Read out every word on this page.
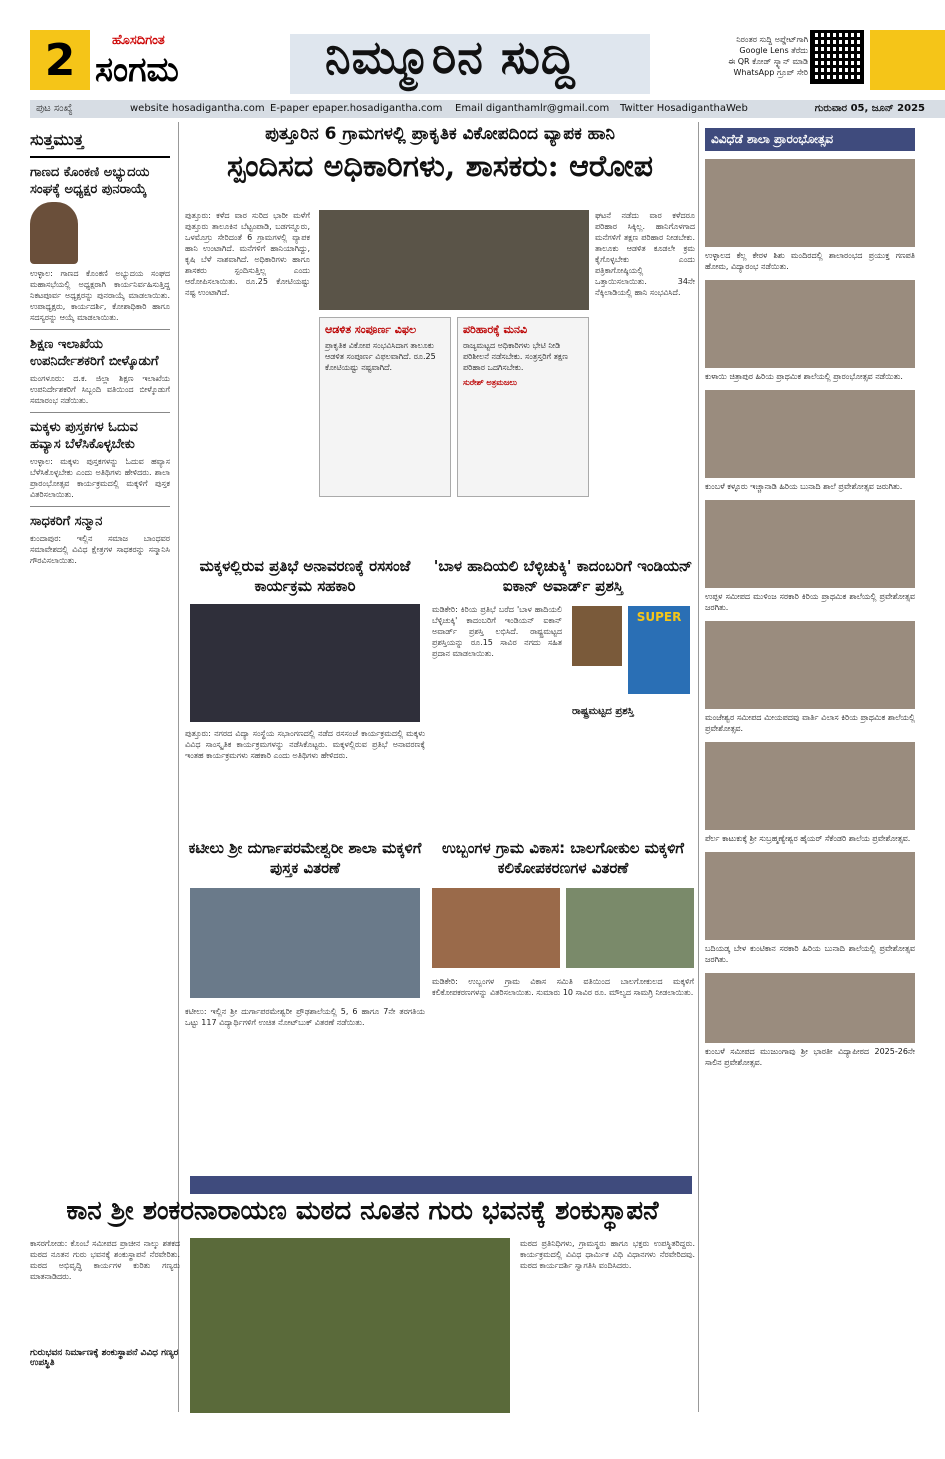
2	ಹೊಸದಿಗಂತ
ಸಂಗಮ	ನಿಮ್ಮೂರಿನ ಸುದ್ದಿ	ನಿರಂತರ ಸುದ್ದಿ ಅಪ್ಡೇಟ್‌ಗಾಗಿ
Google Lens ತೆರೆದು
ಈ QR ಕೋಡ್ ಸ್ಕ್ಯಾನ್ ಮಾಡಿ
WhatsApp ಗ್ರೂಪ್ ಸೇರಿ
ಪುಟ ಸಂಖ್ಯೆ	website hosadigantha.com E-paper epaper.hosadigantha.com Email diganthamlr@gmail.com Twitter HosadiganthaWeb	ಗುರುವಾರ 05, ಜೂನ್ 2025
ಸುತ್ತಮುತ್ತ
ಗಾಣದ ಕೊಂಕಣಿ ಅಭ್ಯುದಯ ಸಂಘಕ್ಕೆ ಅಧ್ಯಕ್ಷರ ಪುನರಾಯ್ಕೆ
ಉಳ್ಳಾಲ: ಗಾಣದ ಕೊಂಕಣಿ ಅಭ್ಯುದಯ ಸಂಘದ ಮಹಾಸಭೆಯಲ್ಲಿ ಅಧ್ಯಕ್ಷರಾಗಿ ಕಾರ್ಯನಿರ್ವಹಿಸುತ್ತಿದ್ದ ನಿಕಟಪೂರ್ವ ಅಧ್ಯಕ್ಷರನ್ನು ಪುನರಾಯ್ಕೆ ಮಾಡಲಾಯಿತು. ಉಪಾಧ್ಯಕ್ಷರು, ಕಾರ್ಯದರ್ಶಿ, ಕೋಶಾಧಿಕಾರಿ ಹಾಗೂ ಸದಸ್ಯರನ್ನು ಆಯ್ಕೆ ಮಾಡಲಾಯಿತು.
ಶಿಕ್ಷಣ ಇಲಾಖೆಯ ಉಪನಿರ್ದೇಶಕರಿಗೆ ಬೀಳ್ಕೊಡುಗೆ
ಮಂಗಳೂರು: ದ.ಕ. ಜಿಲ್ಲಾ ಶಿಕ್ಷಣ ಇಲಾಖೆಯ ಉಪನಿರ್ದೇಶಕರಿಗೆ ಸಿಬ್ಬಂದಿ ವತಿಯಿಂದ ಬೀಳ್ಕೊಡುಗೆ ಸಮಾರಂಭ ನಡೆಯಿತು.
ಮಕ್ಕಳು ಪುಸ್ತಕಗಳ ಓದುವ ಹವ್ಯಾಸ ಬೆಳೆಸಿಕೊಳ್ಳಬೇಕು
ಉಳ್ಳಾಲ: ಮಕ್ಕಳು ಪುಸ್ತಕಗಳನ್ನು ಓದುವ ಹವ್ಯಾಸ ಬೆಳೆಸಿಕೊಳ್ಳಬೇಕು ಎಂದು ಅತಿಥಿಗಳು ಹೇಳಿದರು. ಶಾಲಾ ಪ್ರಾರಂಭೋತ್ಸವ ಕಾರ್ಯಕ್ರಮದಲ್ಲಿ ಮಕ್ಕಳಿಗೆ ಪುಸ್ತಕ ವಿತರಿಸಲಾಯಿತು.
ಸಾಧಕರಿಗೆ ಸನ್ಮಾನ
ಕುಂದಾಪುರ: ಇಲ್ಲಿನ ಸಮಾಜ ಬಾಂಧವರ ಸಮಾವೇಶದಲ್ಲಿ ವಿವಿಧ ಕ್ಷೇತ್ರಗಳ ಸಾಧಕರನ್ನು ಸನ್ಮಾನಿಸಿ ಗೌರವಿಸಲಾಯಿತು.
ಪುತ್ತೂರಿನ 6 ಗ್ರಾಮಗಳಲ್ಲಿ ಪ್ರಾಕೃತಿಕ ವಿಕೋಪದಿಂದ ವ್ಯಾಪಕ ಹಾನಿ
ಸ್ಪಂದಿಸದ ಅಧಿಕಾರಿಗಳು, ಶಾಸಕರು: ಆರೋಪ
ಪುತ್ತೂರು: ಕಳೆದ ವಾರ ಸುರಿದ ಭಾರೀ ಮಳೆಗೆ ಪುತ್ತೂರು ತಾಲೂಕಿನ ಬೆಟ್ಟಂಪಾಡಿ, ಬಡಗನ್ನೂರು, ಒಳಮೊಗ್ರು ಸೇರಿದಂತೆ 6 ಗ್ರಾಮಗಳಲ್ಲಿ ವ್ಯಾಪಕ ಹಾನಿ ಉಂಟಾಗಿದೆ. ಮನೆಗಳಿಗೆ ಹಾನಿಯಾಗಿದ್ದು, ಕೃಷಿ ಬೆಳೆ ನಾಶವಾಗಿದೆ. ಅಧಿಕಾರಿಗಳು ಹಾಗೂ ಶಾಸಕರು ಸ್ಪಂದಿಸುತ್ತಿಲ್ಲ ಎಂದು ಆರೋಪಿಸಲಾಯಿತು. ರೂ.25 ಕೋಟಿಯಷ್ಟು ನಷ್ಟ ಉಂಟಾಗಿದೆ.
ಆಡಳಿತ ಸಂಪೂರ್ಣ ವಿಫಲ
ಪ್ರಾಕೃತಿಕ ವಿಕೋಪ ಸಂಭವಿಸಿದಾಗ ತಾಲೂಕು ಆಡಳಿತ ಸಂಪೂರ್ಣ ವಿಫಲವಾಗಿದೆ. ರೂ.25 ಕೋಟಿಯಷ್ಟು ನಷ್ಟವಾಗಿದೆ.
ಪರಿಹಾರಕ್ಕೆ ಮನವಿ
ರಾಜ್ಯಮಟ್ಟದ ಅಧಿಕಾರಿಗಳು ಭೇಟಿ ನೀಡಿ ಪರಿಶೀಲನೆ ನಡೆಸಬೇಕು. ಸಂತ್ರಸ್ತರಿಗೆ ತಕ್ಷಣ ಪರಿಹಾರ ಒದಗಿಸಬೇಕು.
ಸುರೇಶ್ ಅತ್ರಮಜಲು
ಘಟನೆ ನಡೆದು ವಾರ ಕಳೆದರೂ ಪರಿಹಾರ ಸಿಕ್ಕಿಲ್ಲ. ಹಾನಿಗೊಳಗಾದ ಮನೆಗಳಿಗೆ ತಕ್ಷಣ ಪರಿಹಾರ ನೀಡಬೇಕು. ತಾಲೂಕು ಆಡಳಿತ ಕೂಡಲೇ ಕ್ರಮ ಕೈಗೊಳ್ಳಬೇಕು ಎಂದು ಪತ್ರಿಕಾಗೋಷ್ಠಿಯಲ್ಲಿ ಒತ್ತಾಯಿಸಲಾಯಿತು. 34ನೇ ನೆಕ್ಕಿಲಾಡಿಯಲ್ಲಿ ಹಾನಿ ಸಂಭವಿಸಿದೆ.
ಮಕ್ಕಳಲ್ಲಿರುವ ಪ್ರತಿಭೆ ಅನಾವರಣಕ್ಕೆ ರಸಸಂಜೆ ಕಾರ್ಯಕ್ರಮ ಸಹಕಾರಿ
ಪುತ್ತೂರು: ನಗರದ ವಿದ್ಯಾ ಸಂಸ್ಥೆಯ ಸಭಾಂಗಣದಲ್ಲಿ ನಡೆದ ರಸಸಂಜೆ ಕಾರ್ಯಕ್ರಮದಲ್ಲಿ ಮಕ್ಕಳು ವಿವಿಧ ಸಾಂಸ್ಕೃತಿಕ ಕಾರ್ಯಕ್ರಮಗಳನ್ನು ನಡೆಸಿಕೊಟ್ಟರು. ಮಕ್ಕಳಲ್ಲಿರುವ ಪ್ರತಿಭೆ ಅನಾವರಣಕ್ಕೆ ಇಂತಹ ಕಾರ್ಯಕ್ರಮಗಳು ಸಹಕಾರಿ ಎಂದು ಅತಿಥಿಗಳು ಹೇಳಿದರು.
'ಬಾಳ ಹಾದಿಯಲಿ ಬೆಳ್ಳಿಚುಕ್ಕಿ' ಕಾದಂಬರಿಗೆ ಇಂಡಿಯನ್ ಐಕಾನ್ ಅವಾರ್ಡ್ ಪ್ರಶಸ್ತಿ
ಮಡಿಕೇರಿ: ಕಿರಿಯ ಪ್ರತಿಭೆ ಬರೆದ 'ಬಾಳ ಹಾದಿಯಲಿ ಬೆಳ್ಳಿಚುಕ್ಕಿ' ಕಾದಂಬರಿಗೆ ಇಂಡಿಯನ್ ಐಕಾನ್ ಅವಾರ್ಡ್ ಪ್ರಶಸ್ತಿ ಲಭಿಸಿದೆ. ರಾಷ್ಟ್ರಮಟ್ಟದ ಪ್ರಶಸ್ತಿಯನ್ನು ರೂ.15 ಸಾವಿರ ನಗದು ಸಹಿತ ಪ್ರದಾನ ಮಾಡಲಾಯಿತು.
SUPER
ರಾಷ್ಟ್ರಮಟ್ಟದ ಪ್ರಶಸ್ತಿ
ಕಟೀಲು ಶ್ರೀ ದುರ್ಗಾಪರಮೇಶ್ವರೀ ಶಾಲಾ ಮಕ್ಕಳಿಗೆ ಪುಸ್ತಕ ವಿತರಣೆ
ಕಟೀಲು: ಇಲ್ಲಿನ ಶ್ರೀ ದುರ್ಗಾಪರಮೇಶ್ವರೀ ಪ್ರೌಢಶಾಲೆಯಲ್ಲಿ 5, 6 ಹಾಗೂ 7ನೇ ತರಗತಿಯ ಒಟ್ಟು 117 ವಿದ್ಯಾರ್ಥಿಗಳಿಗೆ ಉಚಿತ ನೋಟ್‌ಬುಕ್ ವಿತರಣೆ ನಡೆಯಿತು.
ಉಬ್ಬಂಗಳ ಗ್ರಾಮ ವಿಕಾಸ: ಬಾಲಗೋಕುಲ ಮಕ್ಕಳಿಗೆ ಕಲಿಕೋಪಕರಣಗಳ ವಿತರಣೆ
ಮಡಿಕೇರಿ: ಉಬ್ಬಂಗಳ ಗ್ರಾಮ ವಿಕಾಸ ಸಮಿತಿ ವತಿಯಿಂದ ಬಾಲಗೋಕುಲದ ಮಕ್ಕಳಿಗೆ ಕಲಿಕೋಪಕರಣಗಳನ್ನು ವಿತರಿಸಲಾಯಿತು. ಸುಮಾರು 10 ಸಾವಿರ ರೂ. ಮೌಲ್ಯದ ಸಾಮಗ್ರಿ ನೀಡಲಾಯಿತು.
ಕಾನ ಶ್ರೀ ಶಂಕರನಾರಾಯಣ ಮಠದ ನೂತನ ಗುರು ಭವನಕ್ಕೆ ಶಂಕುಸ್ಥಾಪನೆ
ಕಾಸರಗೋಡು: ಕೊಂಬೆ ಸಮೀಪದ ಪ್ರಾಚೀನ ನಾಲ್ಕು ಶತಕದ ಮಠದ ನೂತನ ಗುರು ಭವನಕ್ಕೆ ಶಂಕುಸ್ಥಾಪನೆ ನೆರವೇರಿತು. ಮಠದ ಅಭಿವೃದ್ಧಿ ಕಾರ್ಯಗಳ ಕುರಿತು ಗಣ್ಯರು ಮಾತನಾಡಿದರು.
ಗುರುಭವನ ನಿರ್ಮಾಣಕ್ಕೆ ಶಂಕುಸ್ಥಾಪನೆ ವಿವಿಧ ಗಣ್ಯರ ಉಪಸ್ಥಿತಿ
ಮಠದ ಪ್ರತಿನಿಧಿಗಳು, ಗ್ರಾಮಸ್ಥರು ಹಾಗೂ ಭಕ್ತರು ಉಪಸ್ಥಿತರಿದ್ದರು. ಕಾರ್ಯಕ್ರಮದಲ್ಲಿ ವಿವಿಧ ಧಾರ್ಮಿಕ ವಿಧಿ ವಿಧಾನಗಳು ನೆರವೇರಿದವು. ಮಠದ ಕಾರ್ಯದರ್ಶಿ ಸ್ವಾಗತಿಸಿ ವಂದಿಸಿದರು.
ವಿವಿಧೆಡೆ ಶಾಲಾ ಪ್ರಾರಂಭೋತ್ಸವ
ಉಳ್ಳಾಲದ ಕೆಲ್ಲ ಕೇರಳ ಶಿಶು ಮಂದಿರದಲ್ಲಿ ಶಾಲಾರಂಭದ ಪ್ರಯುಕ್ತ ಗಣಪತಿ ಹೋಮ, ವಿದ್ಯಾರಂಭ ನಡೆಯಿತು.
ಕುಳಾಯಿ ಚಿತ್ರಾಪುರ ಹಿರಿಯ ಪ್ರಾಥಮಿಕ ಶಾಲೆಯಲ್ಲಿ ಪ್ರಾರಂಭೋತ್ಸವ ನಡೆಯಿತು.
ಕುಂಬಳೆ ಕಳ್ಳೂರು ಇಚ್ಚಾನಾಡಿ ಹಿರಿಯ ಬುನಾದಿ ಶಾಲೆ ಪ್ರವೇಶೋತ್ಸವ ಜರುಗಿತು.
ಉಪ್ಪಳ ಸಮೀಪದ ಮುಳಿಂಜ ಸರಕಾರಿ ಕಿರಿಯ ಪ್ರಾಥಮಿಕ ಶಾಲೆಯಲ್ಲಿ ಪ್ರವೇಶೋತ್ಸವ ಜರಗಿತು.
ಮಂಜೇಶ್ವರ ಸಮೀಪದ ಮೀಯಪದವು ವಾರ್ತಿ ವಿಲಾಸ ಕಿರಿಯ ಪ್ರಾಥಮಿಕ ಶಾಲೆಯಲ್ಲಿ ಪ್ರವೇಶೋತ್ಸವ.
ಪೆರ್ಲ ಕಾಟುಕುಕ್ಕೆ ಶ್ರೀ ಸುಬ್ರಹ್ಮಣ್ಯೇಶ್ವರ ಹೈಯರ್ ಸೆಕೆಂಡರಿ ಶಾಲೆಯ ಪ್ರವೇಶೋತ್ಸವ.
ಬದಿಯಡ್ಕ ಬೇಳ ಕುಂಟಿಕಾನ ಸರಕಾರಿ ಹಿರಿಯ ಬುನಾದಿ ಶಾಲೆಯಲ್ಲಿ ಪ್ರವೇಶೋತ್ಸವ ಜರಗಿತು.
ಕುಂಬಳೆ ಸಮೀಪದ ಮುಜುಂಗಾವು ಶ್ರೀ ಭಾರತೀ ವಿದ್ಯಾಪೀಠದ 2025-26ನೇ ಸಾಲಿನ ಪ್ರವೇಶೋತ್ಸವ.
